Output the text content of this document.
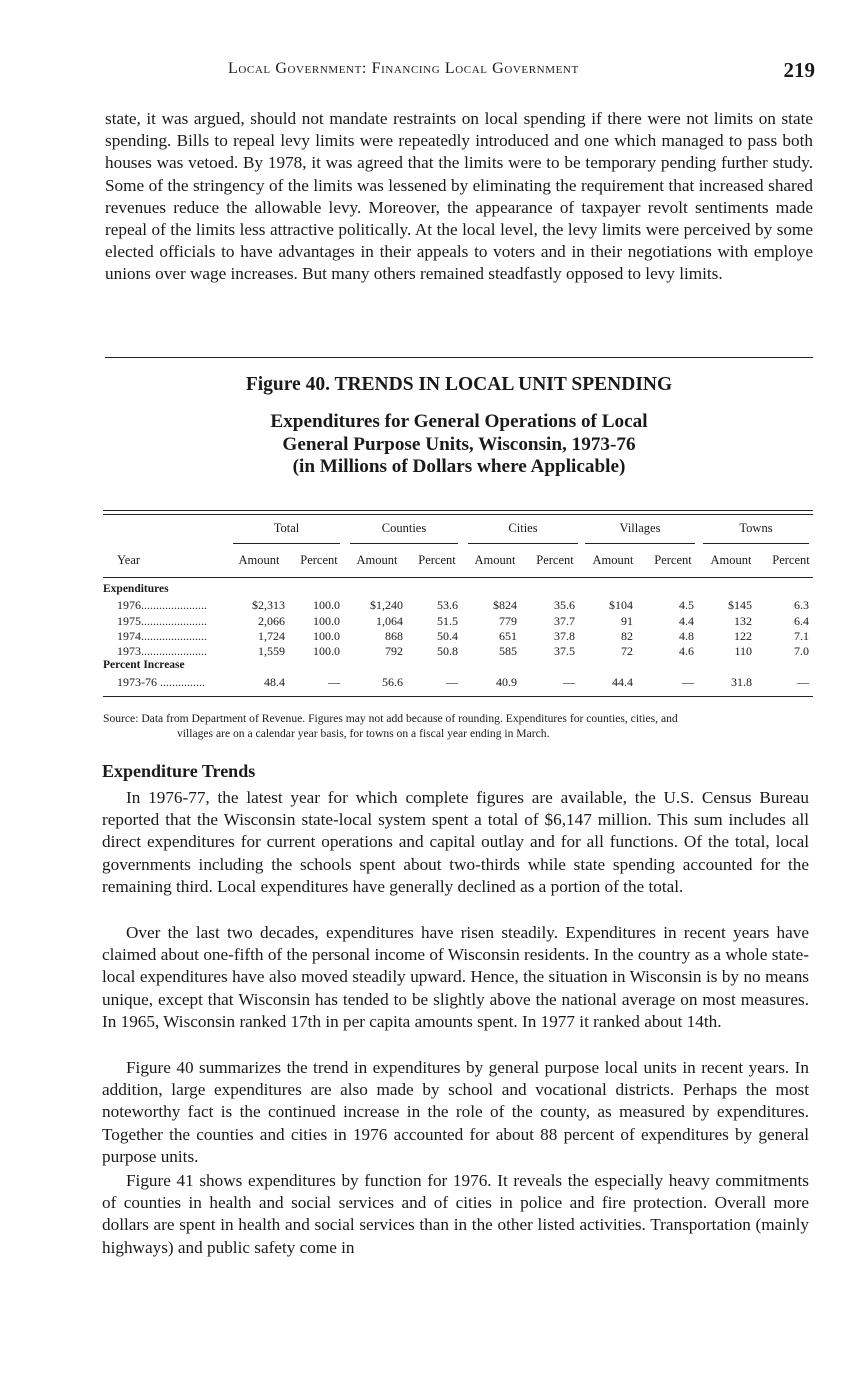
Local Government: Financing Local Government	219

state, it was argued, should not mandate restraints on local spending if there were not limits on state spending. Bills to repeal levy limits were repeatedly introduced and one which managed to pass both houses was vetoed. By 1978, it was agreed that the limits were to be temporary pending further study. Some of the stringency of the limits was lessened by eliminating the requirement that increased shared revenues reduce the allowable levy. Moreover, the appearance of taxpayer revolt sentiments made repeal of the limits less attractive politically. At the local level, the levy limits were perceived by some elected officials to have advantages in their appeals to voters and in their negotiations with employe unions over wage increases. But many others remained steadfastly opposed to levy limits.

Figure 40. TRENDS IN LOCAL UNIT SPENDING
Expenditures for General Operations of Local
General Purpose Units, Wisconsin, 1973-76
(in Millions of Dollars where Applicable)
Total	Counties	Cities	Villages	Towns
Year	Amount	Percent	Amount	Percent	Amount	Percent	Amount	Percent	Amount	Percent
Expenditures
1976......................	$2,313	100.0	$1,240	53.6	$824	35.6	$104	4.5	$145	6.3
1975......................	2,066	100.0	1,064	51.5	779	37.7	91	4.4	132	6.4
1974......................	1,724	100.0	868	50.4	651	37.8	82	4.8	122	7.1
1973......................	1,559	100.0	792	50.8	585	37.5	72	4.6	110	7.0
Percent Increase
1973-76 ...............	48.4	—	56.6	—	40.9	—	44.4	—	31.8	—
Source: Data from Department of Revenue. Figures may not add because of rounding. Expenditures for counties, cities, and
villages are on a calendar year basis, for towns on a fiscal year ending in March.
Expenditure Trends

In 1976-77, the latest year for which complete figures are available, the U.S. Census Bureau reported that the Wisconsin state-local system spent a total of $6,147 million. This sum includes all direct expenditures for current operations and capital outlay and for all functions. Of the total, local governments including the schools spent about two-thirds while state spending accounted for the remaining third. Local expenditures have generally declined as a portion of the total.

Over the last two decades, expenditures have risen steadily. Expenditures in recent years have claimed about one-fifth of the personal income of Wisconsin residents. In the country as a whole state-local expenditures have also moved steadily upward. Hence, the situation in Wisconsin is by no means unique, except that Wisconsin has tended to be slightly above the national average on most measures. In 1965, Wisconsin ranked 17th in per capita amounts spent. In 1977 it ranked about 14th.

Figure 40 summarizes the trend in expenditures by general purpose local units in recent years. In addition, large expenditures are also made by school and vocational districts. Perhaps the most noteworthy fact is the continued increase in the role of the county, as measured by expenditures. Together the counties and cities in 1976 accounted for about 88 percent of expenditures by general purpose units.

Figure 41 shows expenditures by function for 1976. It reveals the especially heavy commitments of counties in health and social services and of cities in police and fire protection. Overall more dollars are spent in health and social services than in the other listed activities. Transportation (mainly highways) and public safety come in
